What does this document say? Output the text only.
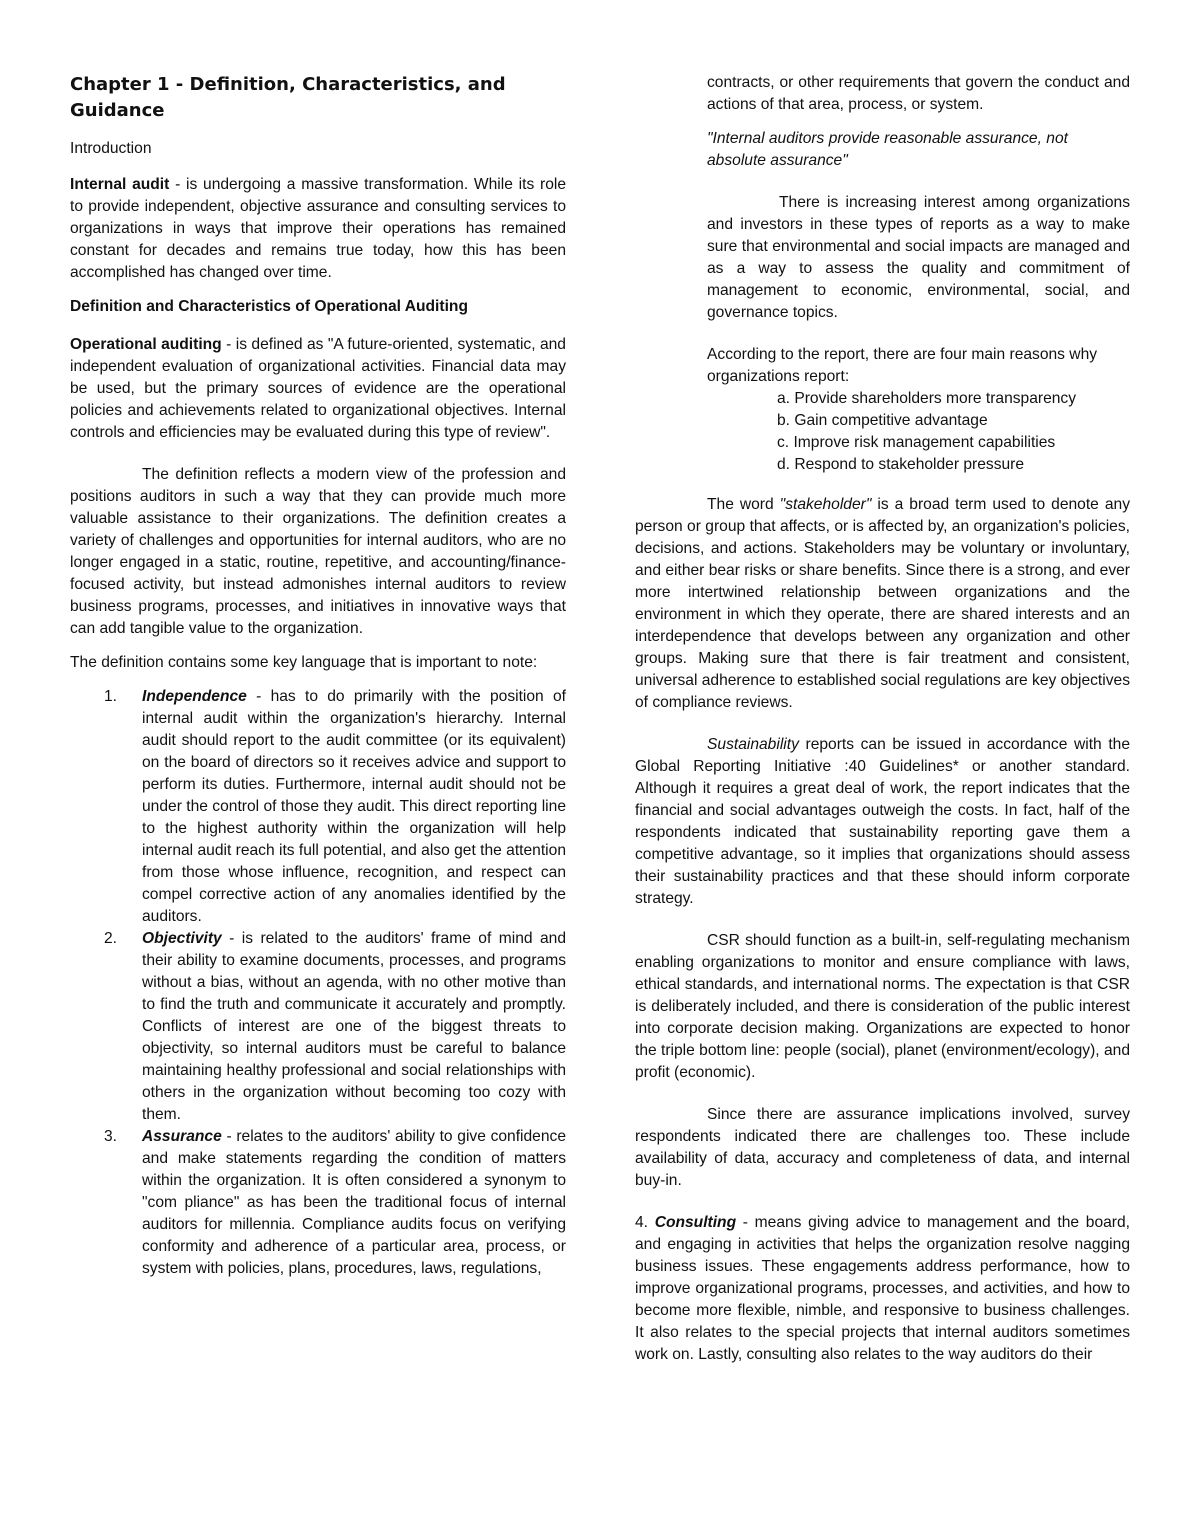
Chapter 1 - Definition, Characteristics, and Guidance

Introduction

Internal audit - is undergoing a massive transformation. While its role to provide independent, objective assurance and consulting services to organizations in ways that improve their operations has remained constant for decades and remains true today, how this has been accomplished has changed over time.

Definition and Characteristics of Operational Auditing

Operational auditing - is defined as "A future-oriented, systematic, and independent evaluation of organizational activities. Financial data may be used, but the primary sources of evidence are the operational policies and achievements related to organizational objectives. Internal controls and efficiencies may be evaluated during this type of review".

The definition reflects a modern view of the profession and positions auditors in such a way that they can provide much more valuable assistance to their organizations. The definition creates a variety of challenges and opportunities for internal auditors, who are no longer engaged in a static, routine, repetitive, and accounting/finance-focused activity, but instead admonishes internal auditors to review business programs, processes, and initiatives in innovative ways that can add tangible value to the organization.

The definition contains some key language that is important to note:

1. Independence - has to do primarily with the position of internal audit within the organization's hierarchy. Internal audit should report to the audit committee (or its equivalent) on the board of directors so it receives advice and support to perform its duties. Furthermore, internal audit should not be under the control of those they audit. This direct reporting line to the highest authority within the organization will help internal audit reach its full potential, and also get the attention from those whose influence, recognition, and respect can compel corrective action of any anomalies identified by the auditors.
2. Objectivity - is related to the auditors' frame of mind and their ability to examine documents, processes, and programs without a bias, without an agenda, with no other motive than to find the truth and communicate it accurately and promptly. Conflicts of interest are one of the biggest threats to objectivity, so internal auditors must be careful to balance maintaining healthy professional and social relationships with others in the organization without becoming too cozy with them.
3. Assurance - relates to the auditors' ability to give confidence and make statements regarding the condition of matters within the organization. It is often considered a synonym to "com pliance" as has been the traditional focus of internal auditors for millennia. Compliance audits focus on verifying conformity and adherence of a particular area, process, or system with policies, plans, procedures, laws, regulations,

contracts, or other requirements that govern the conduct and actions of that area, process, or system.

"Internal auditors provide reasonable assurance, not absolute assurance"

There is increasing interest among organizations and investors in these types of reports as a way to make sure that environmental and social impacts are managed and as a way to assess the quality and commitment of management to economic, environmental, social, and governance topics.

According to the report, there are four main reasons why organizations report:

a. Provide shareholders more transparency
b. Gain competitive advantage
c. Improve risk management capabilities
d. Respond to stakeholder pressure

The word "stakeholder" is a broad term used to denote any person or group that affects, or is affected by, an organization's policies, decisions, and actions. Stakeholders may be voluntary or involuntary, and either bear risks or share benefits. Since there is a strong, and ever more intertwined relationship between organizations and the environment in which they operate, there are shared interests and an interdependence that develops between any organization and other groups. Making sure that there is fair treatment and consistent, universal adherence to established social regulations are key objectives of compliance reviews.

Sustainability reports can be issued in accordance with the Global Reporting Initiative :40 Guidelines* or another standard. Although it requires a great deal of work, the report indicates that the financial and social advantages outweigh the costs. In fact, half of the respondents indicated that sustainability reporting gave them a competitive advantage, so it implies that organizations should assess their sustainability practices and that these should inform corporate strategy.

CSR should function as a built-in, self-regulating mechanism enabling organizations to monitor and ensure compliance with laws, ethical standards, and international norms. The expectation is that CSR is deliberately included, and there is consideration of the public interest into corporate decision making. Organizations are expected to honor the triple bottom line: people (social), planet (environment/ecology), and profit (economic).

Since there are assurance implications involved, survey respondents indicated there are challenges too. These include availability of data, accuracy and completeness of data, and internal buy-in.

4. Consulting - means giving advice to management and the board, and engaging in activities that helps the organization resolve nagging business issues. These engagements address performance, how to improve organizational programs, processes, and activities, and how to become more flexible, nimble, and responsive to business challenges. It also relates to the special projects that internal auditors sometimes work on. Lastly, consulting also relates to the way auditors do their
